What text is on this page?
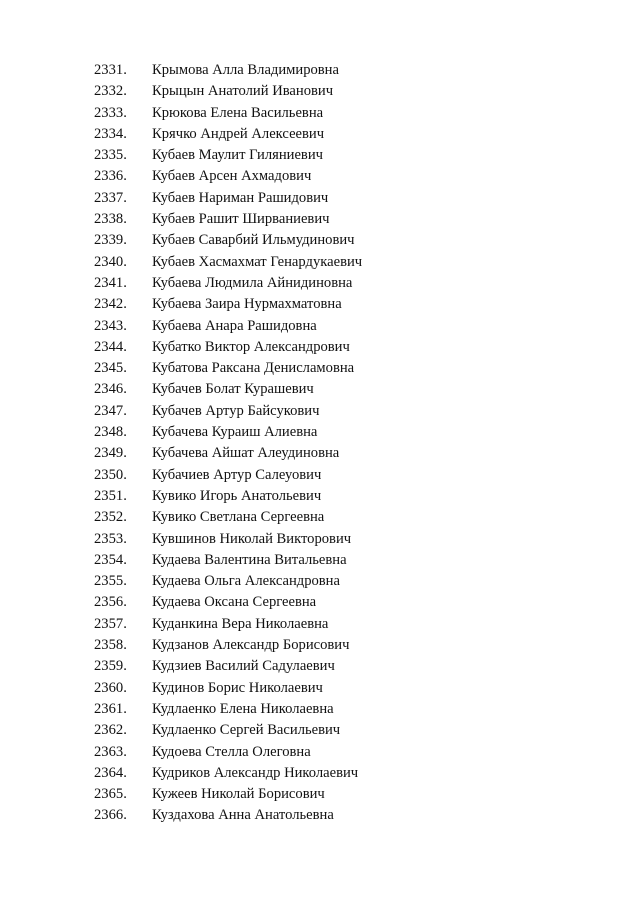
2331. Крымова Алла Владимировна
2332. Крыцын Анатолий Иванович
2333. Крюкова Елена Васильевна
2334. Крячко Андрей Алексеевич
2335. Кубаев Маулит Гиляниевич
2336. Кубаев Арсен Ахмадович
2337. Кубаев Нариман Рашидович
2338. Кубаев Рашит Ширваниевич
2339. Кубаев Саварбий Ильмудинович
2340. Кубаев Хасмахмат Генардукаевич
2341. Кубаева Людмила Айнидиновна
2342. Кубаева Заира Нурмахматовна
2343. Кубаева Анара Рашидовна
2344. Кубатко Виктор Александрович
2345. Кубатова Раксана Денисламовна
2346. Кубачев Болат Курашевич
2347. Кубачев Артур Байсукович
2348. Кубачева Кураиш Алиевна
2349. Кубачева Айшат Алеудиновна
2350. Кубачиев Артур Салеуович
2351. Кувико Игорь Анатольевич
2352. Кувико Светлана Сергеевна
2353. Кувшинов Николай Викторович
2354. Кудаева Валентина Витальевна
2355. Кудаева Ольга Александровна
2356. Кудаева Оксана Сергеевна
2357. Куданкина Вера Николаевна
2358. Кудзанов Александр Борисович
2359. Кудзиев Василий Садулаевич
2360. Кудинов Борис Николаевич
2361. Кудлаенко Елена Николаевна
2362. Кудлаенко Сергей Васильевич
2363. Кудоева Стелла Олеговна
2364. Кудриков Александр Николаевич
2365. Кужеев Николай Борисович
2366. Куздахова Анна Анатольевна
